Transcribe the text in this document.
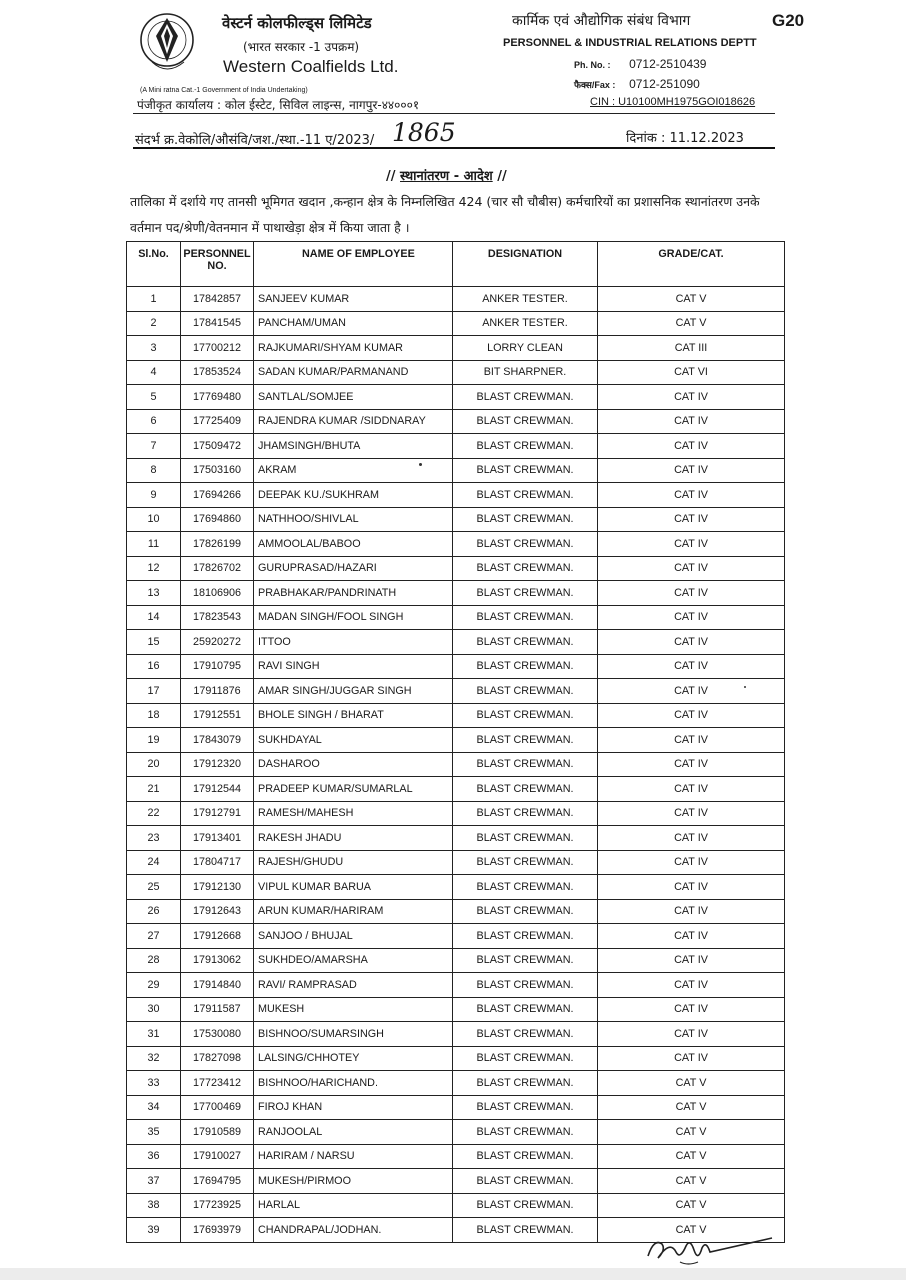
वेस्टर्न कोलफील्ड्स लिमिटेड
(भारत सरकार -1 उपक्रम)
Western Coalfields Ltd.
(A Mini ratna Cat.-1 Government of India Undertaking)
पंजीकृत कार्यालय : कोल ईस्टेट, सिविल लाइन्स, नागपुर-४४०००१
कार्मिक एवं औद्योगिक संबंध विभाग
PERSONNEL & INDUSTRIAL RELATIONS DEPTT
G20
Ph. No. : 0712-2510439
फैक्स/Fax : 0712-251090
CIN : U10100MH1975GOI018626
संदर्भ क्र.वेकोलि/औसंवि/जश./स्था.-11 ए/2023/ 1865	दिनांक : 11.12.2023
// स्थानांतरण - आदेश //
तालिका में दर्शाये गए तानसी भूमिगत खदान ,कन्हान क्षेत्र के निम्नलिखित 424 (चार सौ चौबीस) कर्मचारियों का प्रशासनिक स्थानांतरण उनके वर्तमान पद/श्रेणी/वेतनमान में पाथाखेड़ा क्षेत्र में किया जाता है ।
Sl.No.	PERSONNEL NO.	NAME OF EMPLOYEE	DESIGNATION	GRADE/CAT.
1	17842857	SANJEEV KUMAR	ANKER TESTER.	CAT V
2	17841545	PANCHAM/UMAN	ANKER TESTER.	CAT V
3	17700212	RAJKUMARI/SHYAM KUMAR	LORRY CLEAN	CAT III
4	17853524	SADAN KUMAR/PARMANAND	BIT SHARPNER.	CAT VI
5	17769480	SANTLAL/SOMJEE	BLAST CREWMAN.	CAT IV
6	17725409	RAJENDRA KUMAR /SIDDNARAY	BLAST CREWMAN.	CAT IV
7	17509472	JHAMSINGH/BHUTA	BLAST CREWMAN.	CAT IV
8	17503160	AKRAM	BLAST CREWMAN.	CAT IV
9	17694266	DEEPAK KU./SUKHRAM	BLAST CREWMAN.	CAT IV
10	17694860	NATHHOO/SHIVLAL	BLAST CREWMAN.	CAT IV
11	17826199	AMMOOLAL/BABOO	BLAST CREWMAN.	CAT IV
12	17826702	GURUPRASAD/HAZARI	BLAST CREWMAN.	CAT IV
13	18106906	PRABHAKAR/PANDRINATH	BLAST CREWMAN.	CAT IV
14	17823543	MADAN SINGH/FOOL SINGH	BLAST CREWMAN.	CAT IV
15	25920272	ITTOO	BLAST CREWMAN.	CAT IV
16	17910795	RAVI SINGH	BLAST CREWMAN.	CAT IV
17	17911876	AMAR SINGH/JUGGAR SINGH	BLAST CREWMAN.	CAT IV
18	17912551	BHOLE SINGH / BHARAT	BLAST CREWMAN.	CAT IV
19	17843079	SUKHDAYAL	BLAST CREWMAN.	CAT IV
20	17912320	DASHAROO	BLAST CREWMAN.	CAT IV
21	17912544	PRADEEP KUMAR/SUMARLAL	BLAST CREWMAN.	CAT IV
22	17912791	RAMESH/MAHESH	BLAST CREWMAN.	CAT IV
23	17913401	RAKESH JHADU	BLAST CREWMAN.	CAT IV
24	17804717	RAJESH/GHUDU	BLAST CREWMAN.	CAT IV
25	17912130	VIPUL KUMAR BARUA	BLAST CREWMAN.	CAT IV
26	17912643	ARUN KUMAR/HARIRAM	BLAST CREWMAN.	CAT IV
27	17912668	SANJOO / BHUJAL	BLAST CREWMAN.	CAT IV
28	17913062	SUKHDEO/AMARSHA	BLAST CREWMAN.	CAT IV
29	17914840	RAVI/ RAMPRASAD	BLAST CREWMAN.	CAT IV
30	17911587	MUKESH	BLAST CREWMAN.	CAT IV
31	17530080	BISHNOO/SUMARSINGH	BLAST CREWMAN.	CAT IV
32	17827098	LALSING/CHHOTEY	BLAST CREWMAN.	CAT IV
33	17723412	BISHNOO/HARICHAND.	BLAST CREWMAN.	CAT V
34	17700469	FIROJ KHAN	BLAST CREWMAN.	CAT V
35	17910589	RANJOOLAL	BLAST CREWMAN.	CAT V
36	17910027	HARIRAM / NARSU	BLAST CREWMAN.	CAT V
37	17694795	MUKESH/PIRMOO	BLAST CREWMAN.	CAT V
38	17723925	HARLAL	BLAST CREWMAN.	CAT V
39	17693979	CHANDRAPAL/JODHAN.	BLAST CREWMAN.	CAT V
